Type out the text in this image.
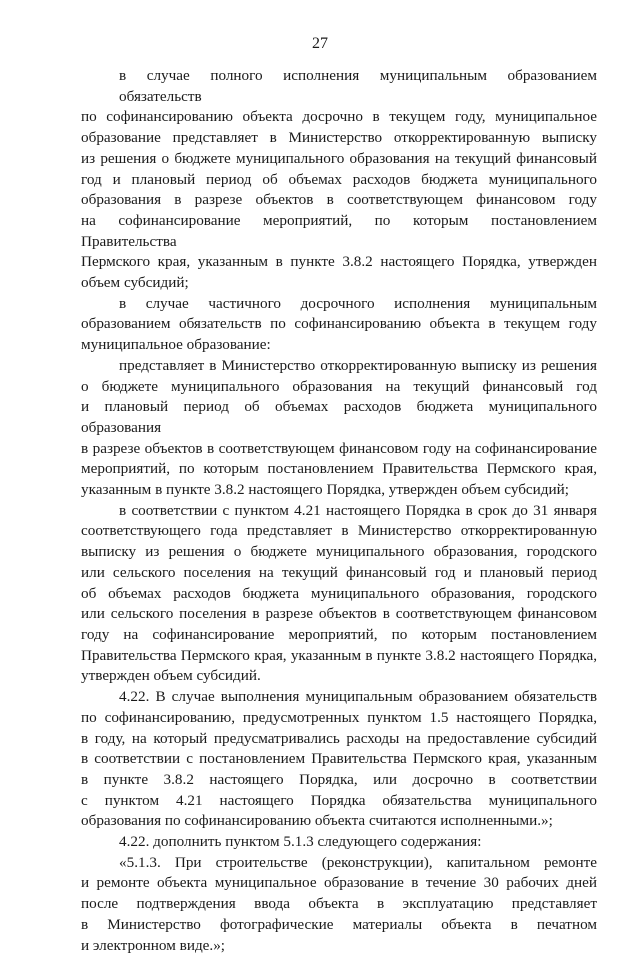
27
в случае полного исполнения муниципальным образованием обязательств
по софинансированию объекта досрочно в текущем году, муниципальное
образование представляет в Министерство откорректированную выписку
из решения о бюджете муниципального образования на текущий финансовый
год и плановый период об объемах расходов бюджета муниципального
образования в разрезе объектов в соответствующем финансовом году
на софинансирование мероприятий, по которым постановлением Правительства
Пермского края, указанным в пункте 3.8.2 настоящего Порядка, утвержден
объем субсидий;
в случае частичного досрочного исполнения муниципальным
образованием обязательств по софинансированию объекта в текущем году
муниципальное образование:
представляет в Министерство откорректированную выписку из решения
о бюджете муниципального образования на текущий финансовый год
и плановый период об объемах расходов бюджета муниципального образования
в разрезе объектов в соответствующем финансовом году на софинансирование
мероприятий, по которым постановлением Правительства Пермского края,
указанным в пункте 3.8.2 настоящего Порядка, утвержден объем субсидий;
в соответствии с пунктом 4.21 настоящего Порядка в срок до 31 января
соответствующего года представляет в Министерство откорректированную
выписку из решения о бюджете муниципального образования, городского
или сельского поселения на текущий финансовый год и плановый период
об объемах расходов бюджета муниципального образования, городского
или сельского поселения в разрезе объектов в соответствующем финансовом
году на софинансирование мероприятий, по которым постановлением
Правительства Пермского края, указанным в пункте 3.8.2 настоящего Порядка,
утвержден объем субсидий.
4.22. В случае выполнения муниципальным образованием обязательств
по софинансированию, предусмотренных пунктом 1.5 настоящего Порядка,
в году, на который предусматривались расходы на предоставление субсидий
в соответствии с постановлением Правительства Пермского края, указанным
в пункте 3.8.2 настоящего Порядка, или досрочно в соответствии
с пунктом 4.21 настоящего Порядка обязательства муниципального
образования по софинансированию объекта считаются исполненными.»;
4.22. дополнить пунктом 5.1.3 следующего содержания:
«5.1.3. При строительстве (реконструкции), капитальном ремонте
и ремонте объекта муниципальное образование в течение 30 рабочих дней
после подтверждения ввода объекта в эксплуатацию представляет
в Министерство фотографические материалы объекта в печатном
и электронном виде.»;
